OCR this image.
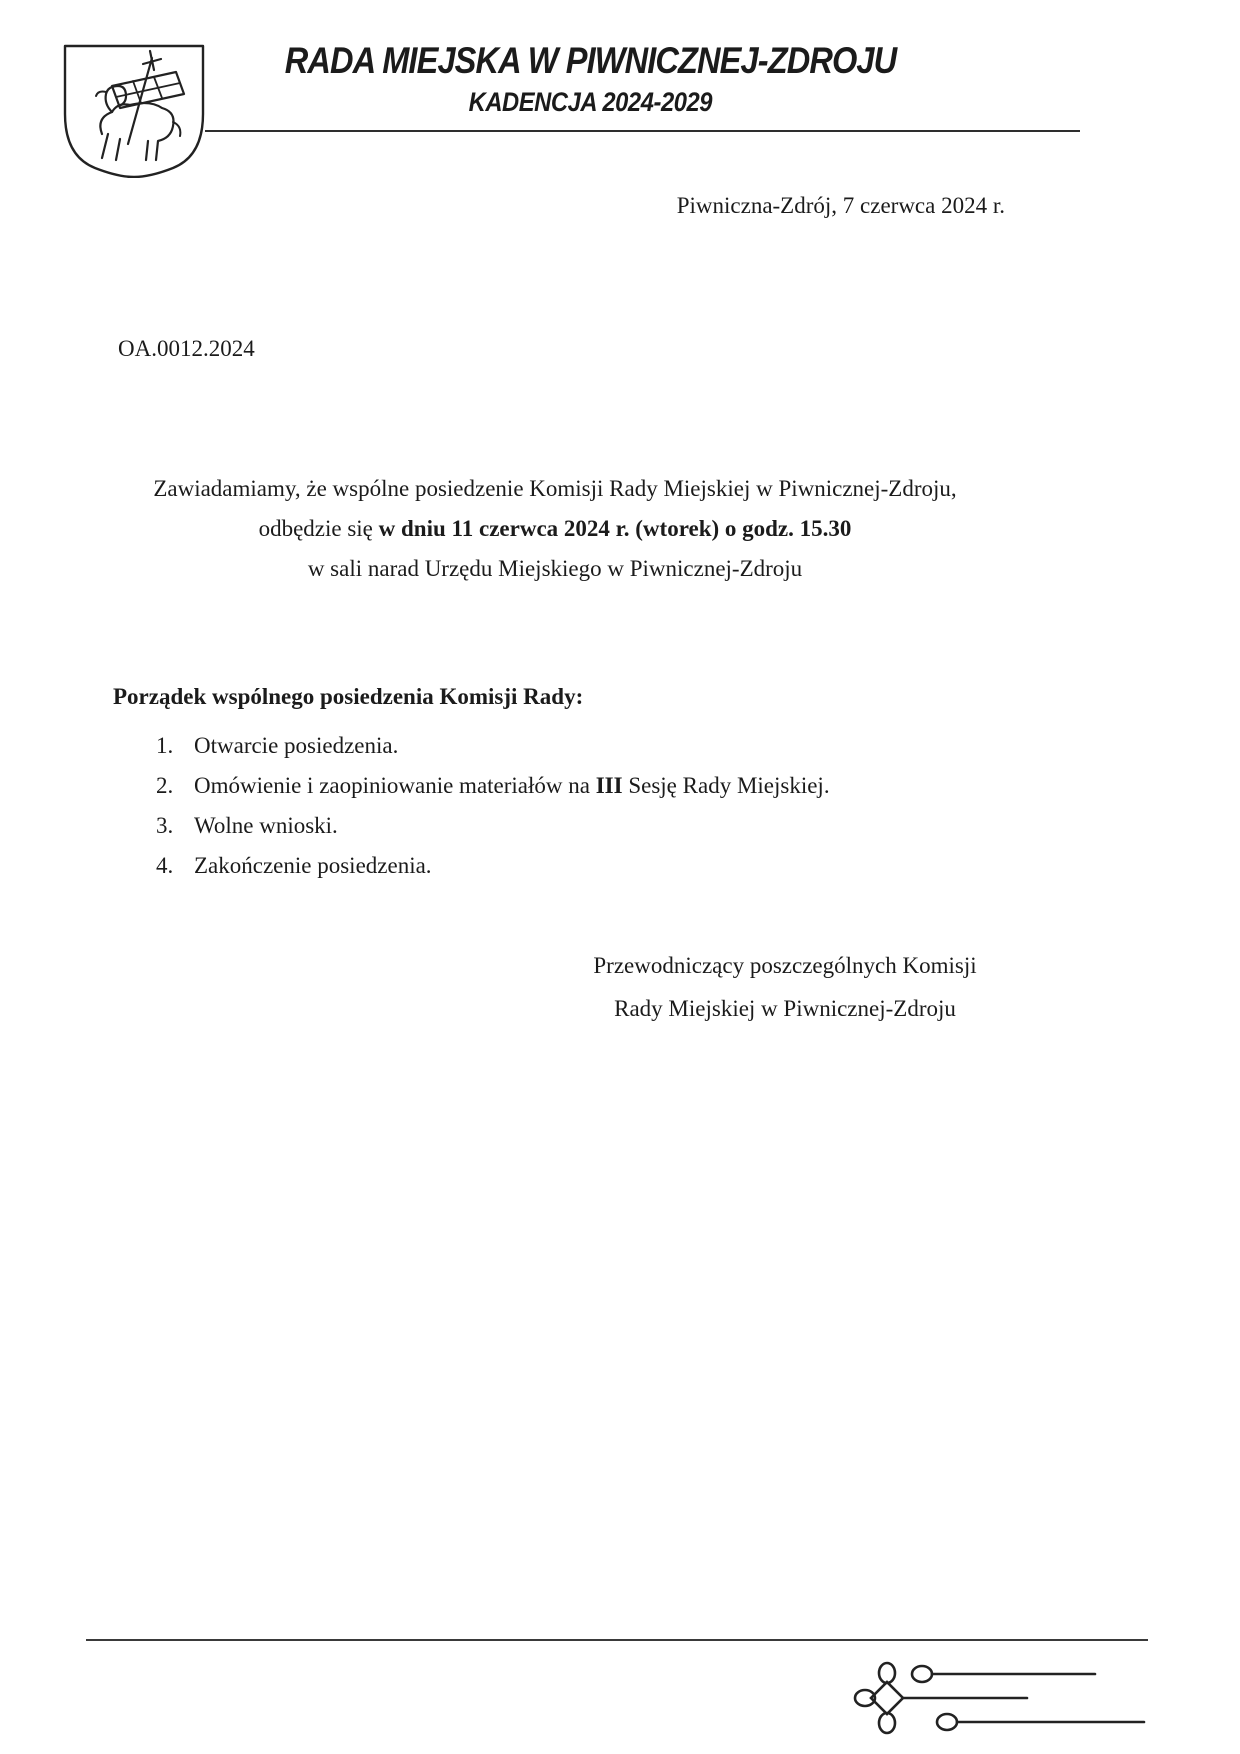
RADA MIEJSKA W PIWNICZNEJ-ZDROJU
KADENCJA 2024-2029
Piwniczna-Zdrój, 7 czerwca 2024 r.
OA.0012.2024
Zawiadamiamy, że wspólne posiedzenie Komisji Rady Miejskiej w Piwnicznej-Zdroju,
odbędzie się w dniu 11 czerwca 2024 r. (wtorek) o godz. 15.30
w sali narad Urzędu Miejskiego w Piwnicznej-Zdroju
Porządek wspólnego posiedzenia Komisji Rady:
1. Otwarcie posiedzenia.
2. Omówienie i zaopiniowanie materiałów na III Sesję Rady Miejskiej.
3. Wolne wnioski.
4. Zakończenie posiedzenia.
Przewodniczący poszczególnych Komisji
Rady Miejskiej w Piwnicznej-Zdroju
